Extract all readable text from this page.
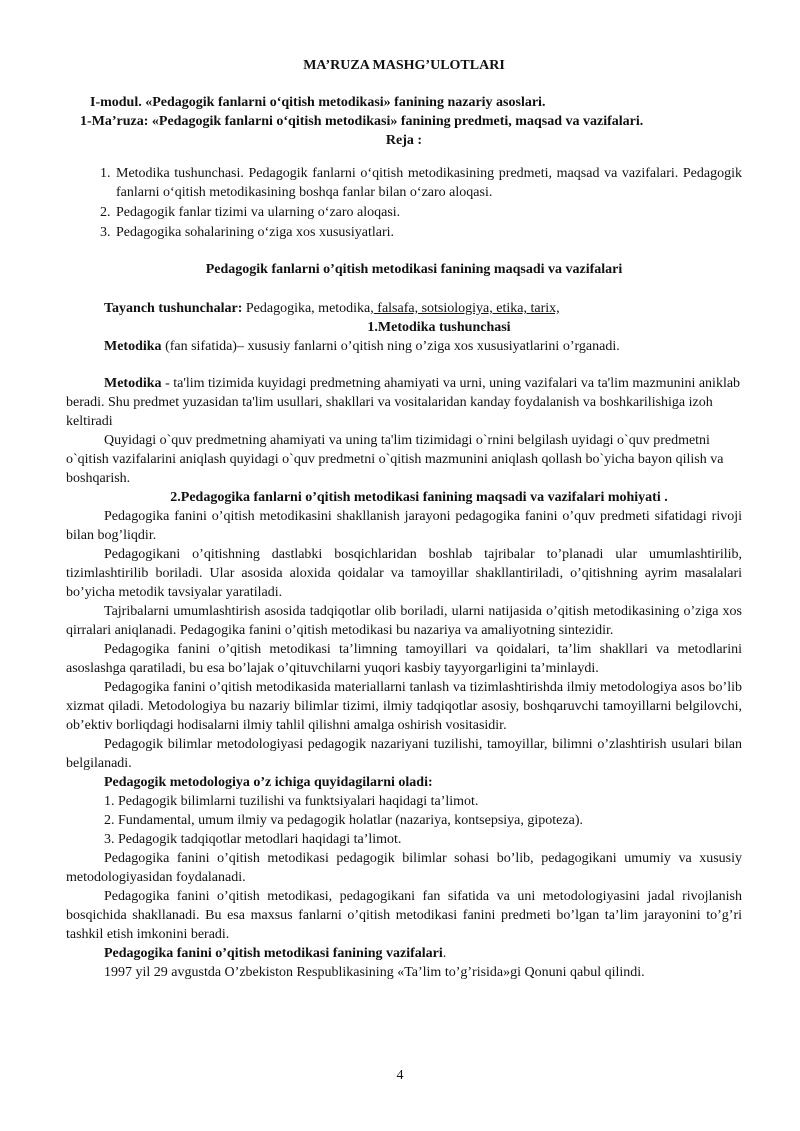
MA’RUZA MASHG’ULOTLARI
I-modul. «Pedagogik fanlarni o‘qitish metodikasi» fanining nazariy asoslari.
1-Ma’ruza: «Pedagogik fanlarni o‘qitish metodikasi» fanining predmeti, maqsad va vazifalari.
Reja :
1. Metodika tushunchasi. Pedagogik fanlarni o‘qitish metodikasining predmeti, maqsad va vazifalari. Pedagogik fanlarni o‘qitish metodikasining boshqa fanlar bilan o‘zaro aloqasi.
2. Pedagogik fanlar tizimi va ularning o‘zaro aloqasi.
3. Pedagogika sohalarining o‘ziga xos xususiyatlari.
Pedagogik fanlarni o’qitish metodikasi fanining maqsadi va vazifalari

Tayanch tushunchalar: Pedagogika, metodika, falsafa, sotsiologiya, etika, tarix,

1.Metodika tushunchasi

Metodika (fan sifatida)– xususiy fanlarni o’qitish ning o’ziga xos xususiyatlarini o’rganadi.

Metodika - ta'lim tizimida kuyidagi predmetning ahamiyati va urni, uning vazifalari va ta'lim mazmunini aniklab beradi. Shu predmet yuzasidan ta'lim usullari, shakllari va vositalaridan kanday foydalanish va boshkarilishiga izoh keltiradi

Quyidagi o`quv predmetning ahamiyati va uning ta'lim tizimidagi o`rnini belgilash uyidagi o`quv predmetni o`qitish vazifalarini aniqlash quyidagi o`quv predmetni o`qitish mazmunini aniqlash qollash bo`yicha bayon qilish va boshqarish.

2.Pedagogika fanlarni o’qitish metodikasi fanining maqsadi va vazifalari mohiyati .

Pedagogika fanini o’qitish metodikasini shakllanish jarayoni pedagogika fanini o’quv predmeti sifatidagi rivoji bilan bog’liqdir.

Pedagogikani o’qitishning dastlabki bosqichlaridan boshlab tajribalar to’planadi ular umumlashtirilib, tizimlashtirilib boriladi. Ular asosida aloxida qoidalar va tamoyillar shakllantiriladi, o’qitishning ayrim masalalari bo’yicha metodik tavsiyalar yaratiladi.

Tajribalarni umumlashtirish asosida tadqiqotlar olib boriladi, ularni natijasida o’qitish metodikasining o’ziga xos qirralari aniqlanadi. Pedagogika fanini o’qitish metodikasi bu nazariya va amaliyotning sintezidir.

Pedagogika fanini o’qitish metodikasi ta’limning tamoyillari va qoidalari, ta’lim shakllari va metodlarini asoslashga qaratiladi, bu esa bo’lajak o’qituvchilarni yuqori kasbiy tayyorgarligini ta’minlaydi.

Pedagogika fanini o’qitish metodikasida materiallarni tanlash va tizimlashtirishda ilmiy metodologiya asos bo’lib xizmat qiladi. Metodologiya bu nazariy bilimlar tizimi, ilmiy tadqiqotlar asosiy, boshqaruvchi tamoyillarni belgilovchi, ob’ektiv borliqdagi hodisalarni ilmiy tahlil qilishni amalga oshirish vositasidir.

Pedagogik bilimlar metodologiyasi pedagogik nazariyani tuzilishi, tamoyillar, bilimni o’zlashtirish usulari bilan belgilanadi.

Pedagogik metodologiya o’z ichiga quyidagilarni oladi:

1. Pedagogik bilimlarni tuzilishi va funktsiyalari haqidagi ta’limot.

2. Fundamental, umum ilmiy va pedagogik holatlar (nazariya, kontsepsiya, gipoteza).

3. Pedagogik tadqiqotlar metodlari haqidagi ta’limot.

Pedagogika fanini o’qitish metodikasi pedagogik bilimlar sohasi bo’lib, pedagogikani umumiy va xususiy metodologiyasidan foydalanadi.

Pedagogika fanini o’qitish metodikasi, pedagogikani fan sifatida va uni metodologiyasini jadal rivojlanish bosqichida shakllanadi. Bu esa maxsus fanlarni o’qitish metodikasi fanini predmeti bo’lgan ta’lim jarayonini to’g’ri tashkil etish imkonini beradi.

Pedagogika fanini o’qitish metodikasi fanining vazifalari.

1997 yil 29 avgustda O’zbekiston Respublikasining «Ta’lim to’g’risida»gi Qonuni qabul qilindi.

4
